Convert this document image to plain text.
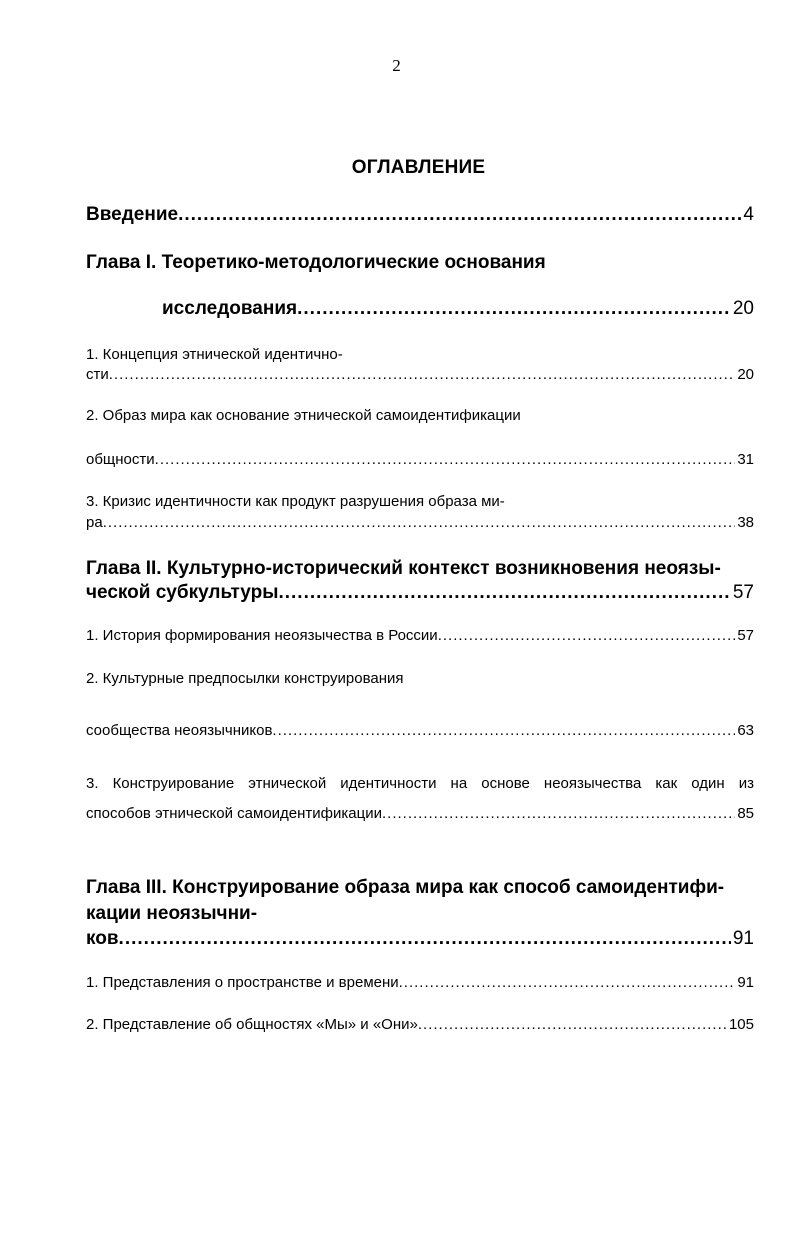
2
ОГЛАВЛЕНИЕ
Введение .....	4
Глава I. Теоретико-методологические основания
исследования .....	20
1. Концепция этнической идентично-
сти .....	20
2. Образ мира как основание этнической самоидентификации
общности .....	31
3. Кризис идентичности как продукт разрушения образа ми-
ра .....	38
Глава II. Культурно-исторический контекст возникновения неоязы-
ческой субкультуры .....	57
1. История формирования неоязычества в России .....	57
2. Культурные предпосылки конструирования
сообщества неоязычников .....	63
3. Конструирование этнической идентичности на основе неоязычества как один из
способов этнической самоидентификации .....	85
Глава III. Конструирование образа мира как способ самоидентифи-
кации неоязычни-
ков .....	91
1. Представления о пространстве и времени .....	91
2. Представление об общностях «Мы» и «Они» .....	105
